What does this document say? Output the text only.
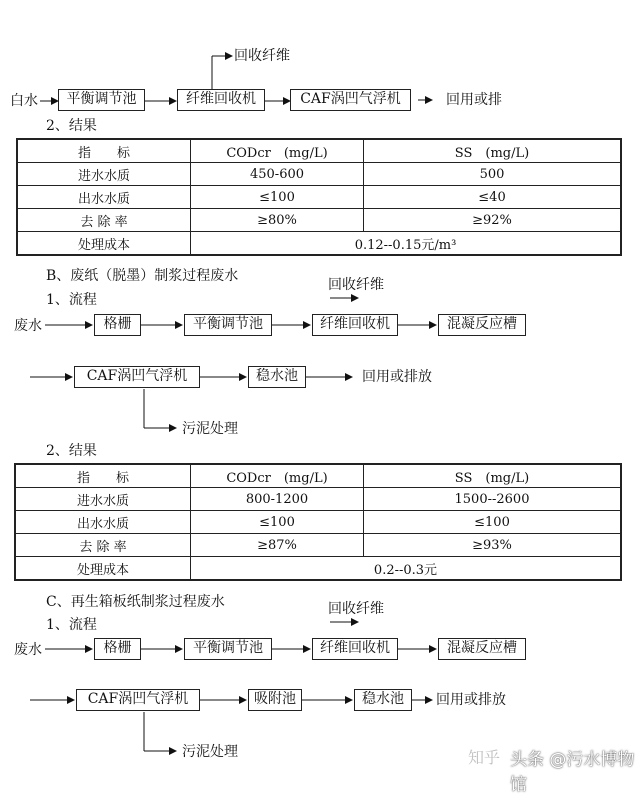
回收纤维
白水	平衡调节池	纤维回收机	CAF涡凹气浮机	回用或排
2、结果
指　　标	CODcr　(mg/L)	SS　(mg/L)
进水水质	450-600	500
出水水质	≤100	≤40
去 除 率	≥80%	≥92%
处理成本	0.12--0.15元/m³	
B、废纸（脱墨）制浆过程废水
回收纤维
1、流程
废水	格栅	平衡调节池	纤维回收机	混凝反应槽
CAF涡凹气浮机	稳水池	回用或排放
污泥处理
2、结果
指　　标	CODcr　(mg/L)	SS　(mg/L)
进水水质	800-1200	1500--2600
出水水质	≤100	≤100
去 除 率	≥87%	≥93%
处理成本	0.2--0.3元	
C、再生箱板纸制浆过程废水	回收纤维
1、流程
废水	格栅	平衡调节池	纤维回收机	混凝反应槽
CAF涡凹气浮机	吸附池	稳水池	回用或排放
污泥处理	知乎 头条 @污水博物馆
